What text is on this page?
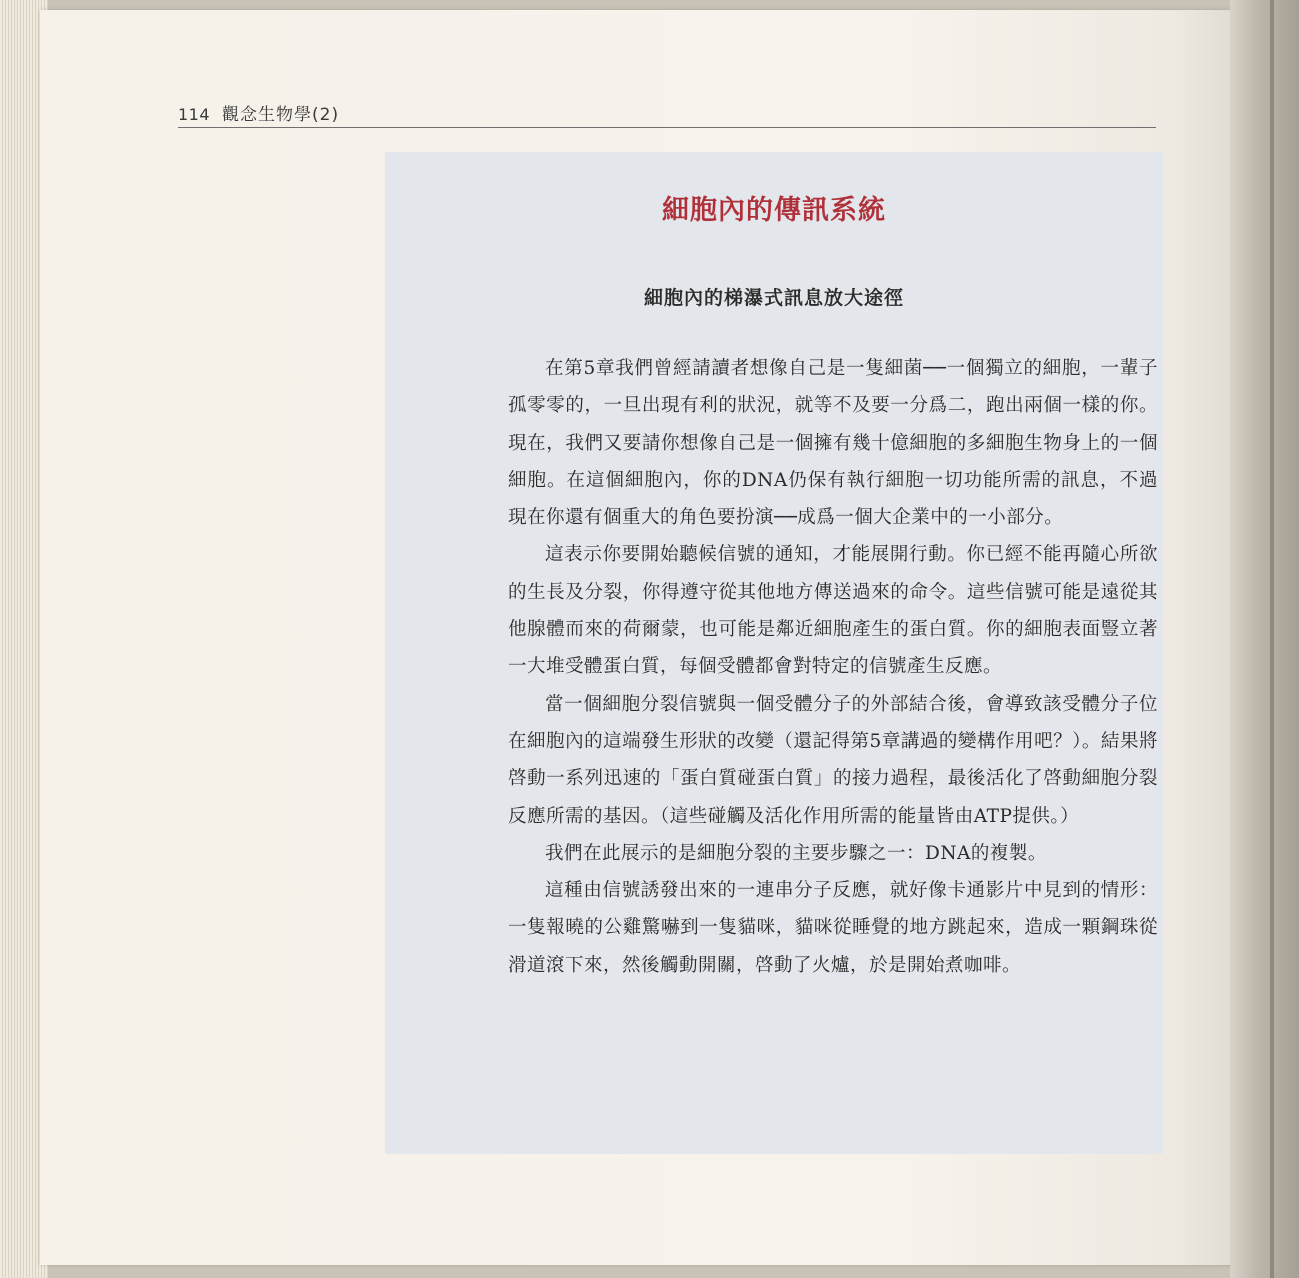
114 觀念生物學(2)
細胞內的傳訊系統
細胞內的梯瀑式訊息放大途徑

在第5章我們曾經請讀者想像自己是一隻細菌──一個獨立的細胞，一輩子孤零零的，一旦出現有利的狀況，就等不及要一分爲二，跑出兩個一樣的你。現在，我們又要請你想像自己是一個擁有幾十億細胞的多細胞生物身上的一個細胞。在這個細胞內，你的DNA仍保有執行細胞一切功能所需的訊息，不過現在你還有個重大的角色要扮演──成爲一個大企業中的一小部分。

這表示你要開始聽候信號的通知，才能展開行動。你已經不能再隨心所欲的生長及分裂，你得遵守從其他地方傳送過來的命令。這些信號可能是遠從其他腺體而來的荷爾蒙，也可能是鄰近細胞產生的蛋白質。你的細胞表面豎立著一大堆受體蛋白質，每個受體都會對特定的信號產生反應。

當一個細胞分裂信號與一個受體分子的外部結合後，會導致該受體分子位在細胞內的這端發生形狀的改變（還記得第5章講過的變構作用吧？）。結果將啓動一系列迅速的「蛋白質碰蛋白質」的接力過程，最後活化了啓動細胞分裂反應所需的基因。（這些碰觸及活化作用所需的能量皆由ATP提供。）

我們在此展示的是細胞分裂的主要步驟之一：DNA的複製。

這種由信號誘發出來的一連串分子反應，就好像卡通影片中見到的情形：一隻報曉的公雞驚嚇到一隻貓咪，貓咪從睡覺的地方跳起來，造成一顆鋼珠從滑道滾下來，然後觸動開關，啓動了火爐，於是開始煮咖啡。
